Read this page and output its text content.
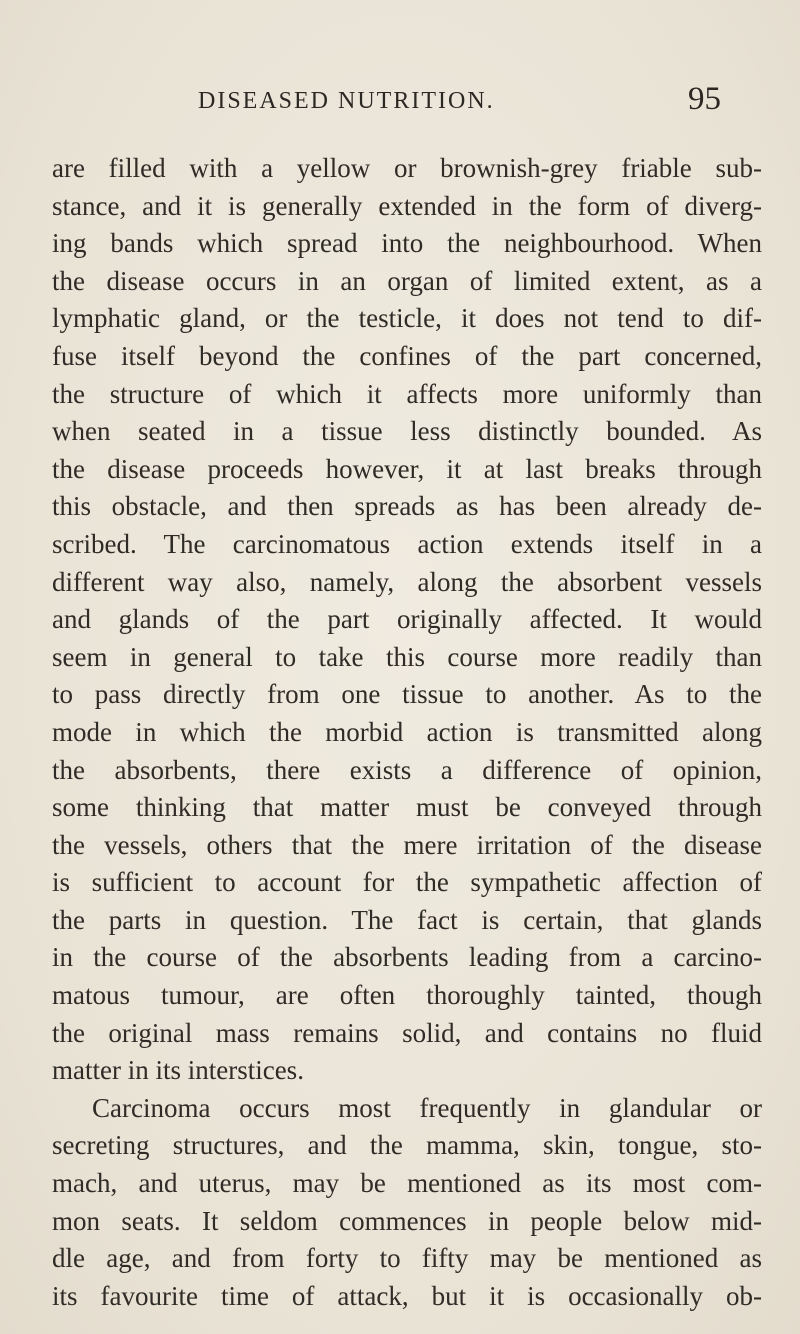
DISEASED NUTRITION.	95
are filled with a yellow or brownish-grey friable sub-
stance, and it is generally extended in the form of diverg-
ing bands which spread into the neighbourhood. When
the disease occurs in an organ of limited extent, as a
lymphatic gland, or the testicle, it does not tend to dif-
fuse itself beyond the confines of the part concerned,
the structure of which it affects more uniformly than
when seated in a tissue less distinctly bounded. As
the disease proceeds however, it at last breaks through
this obstacle, and then spreads as has been already de-
scribed. The carcinomatous action extends itself in a
different way also, namely, along the absorbent vessels
and glands of the part originally affected. It would
seem in general to take this course more readily than
to pass directly from one tissue to another. As to the
mode in which the morbid action is transmitted along
the absorbents, there exists a difference of opinion,
some thinking that matter must be conveyed through
the vessels, others that the mere irritation of the disease
is sufficient to account for the sympathetic affection of
the parts in question. The fact is certain, that glands
in the course of the absorbents leading from a carcino-
matous tumour, are often thoroughly tainted, though
the original mass remains solid, and contains no fluid
matter in its interstices.
Carcinoma occurs most frequently in glandular or
secreting structures, and the mamma, skin, tongue, sto-
mach, and uterus, may be mentioned as its most com-
mon seats. It seldom commences in people below mid-
dle age, and from forty to fifty may be mentioned as
its favourite time of attack, but it is occasionally ob-
